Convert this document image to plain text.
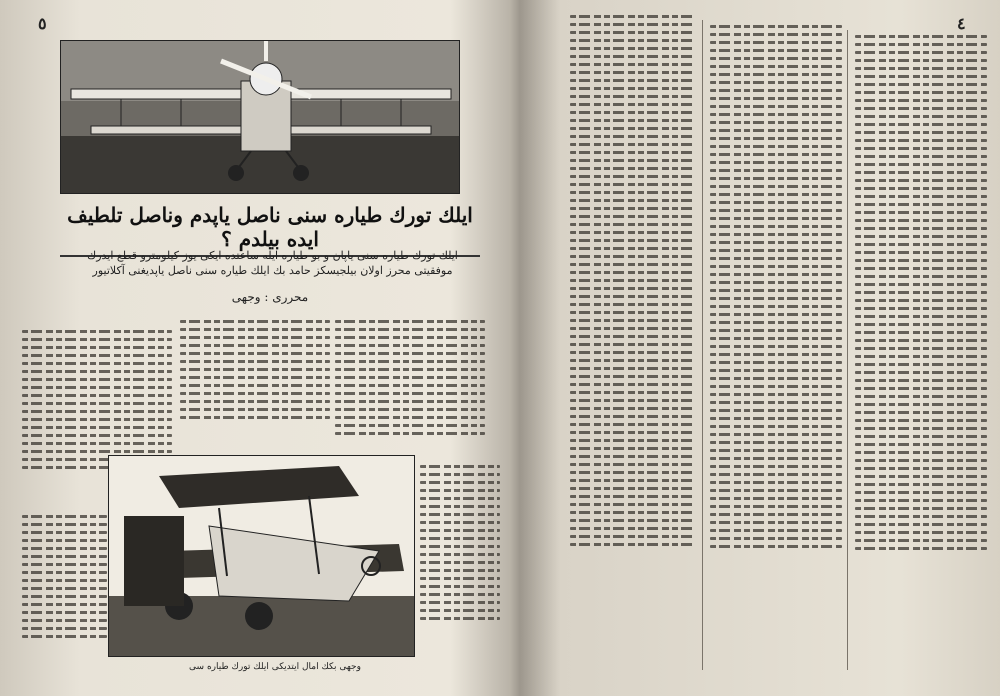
٥
ایلك تورك طیاره سنی ناصل یاپدم وناصل تلطیف ایده بیلدم ؟
ایلك تورك طیاره سنی یاپان و بو طیاره ایله ساعتده ایکی یوز کیلومترو قطع ایدرك
موفقیتی محرز اولان بیلجیسکز حامد بك ایلك طیاره سنی ناصل یاپدیغنی آکلاتیور
محرری : وجهی
وجهی بکك امال ایتدیکی ایلك تورك طیاره سی
٤
